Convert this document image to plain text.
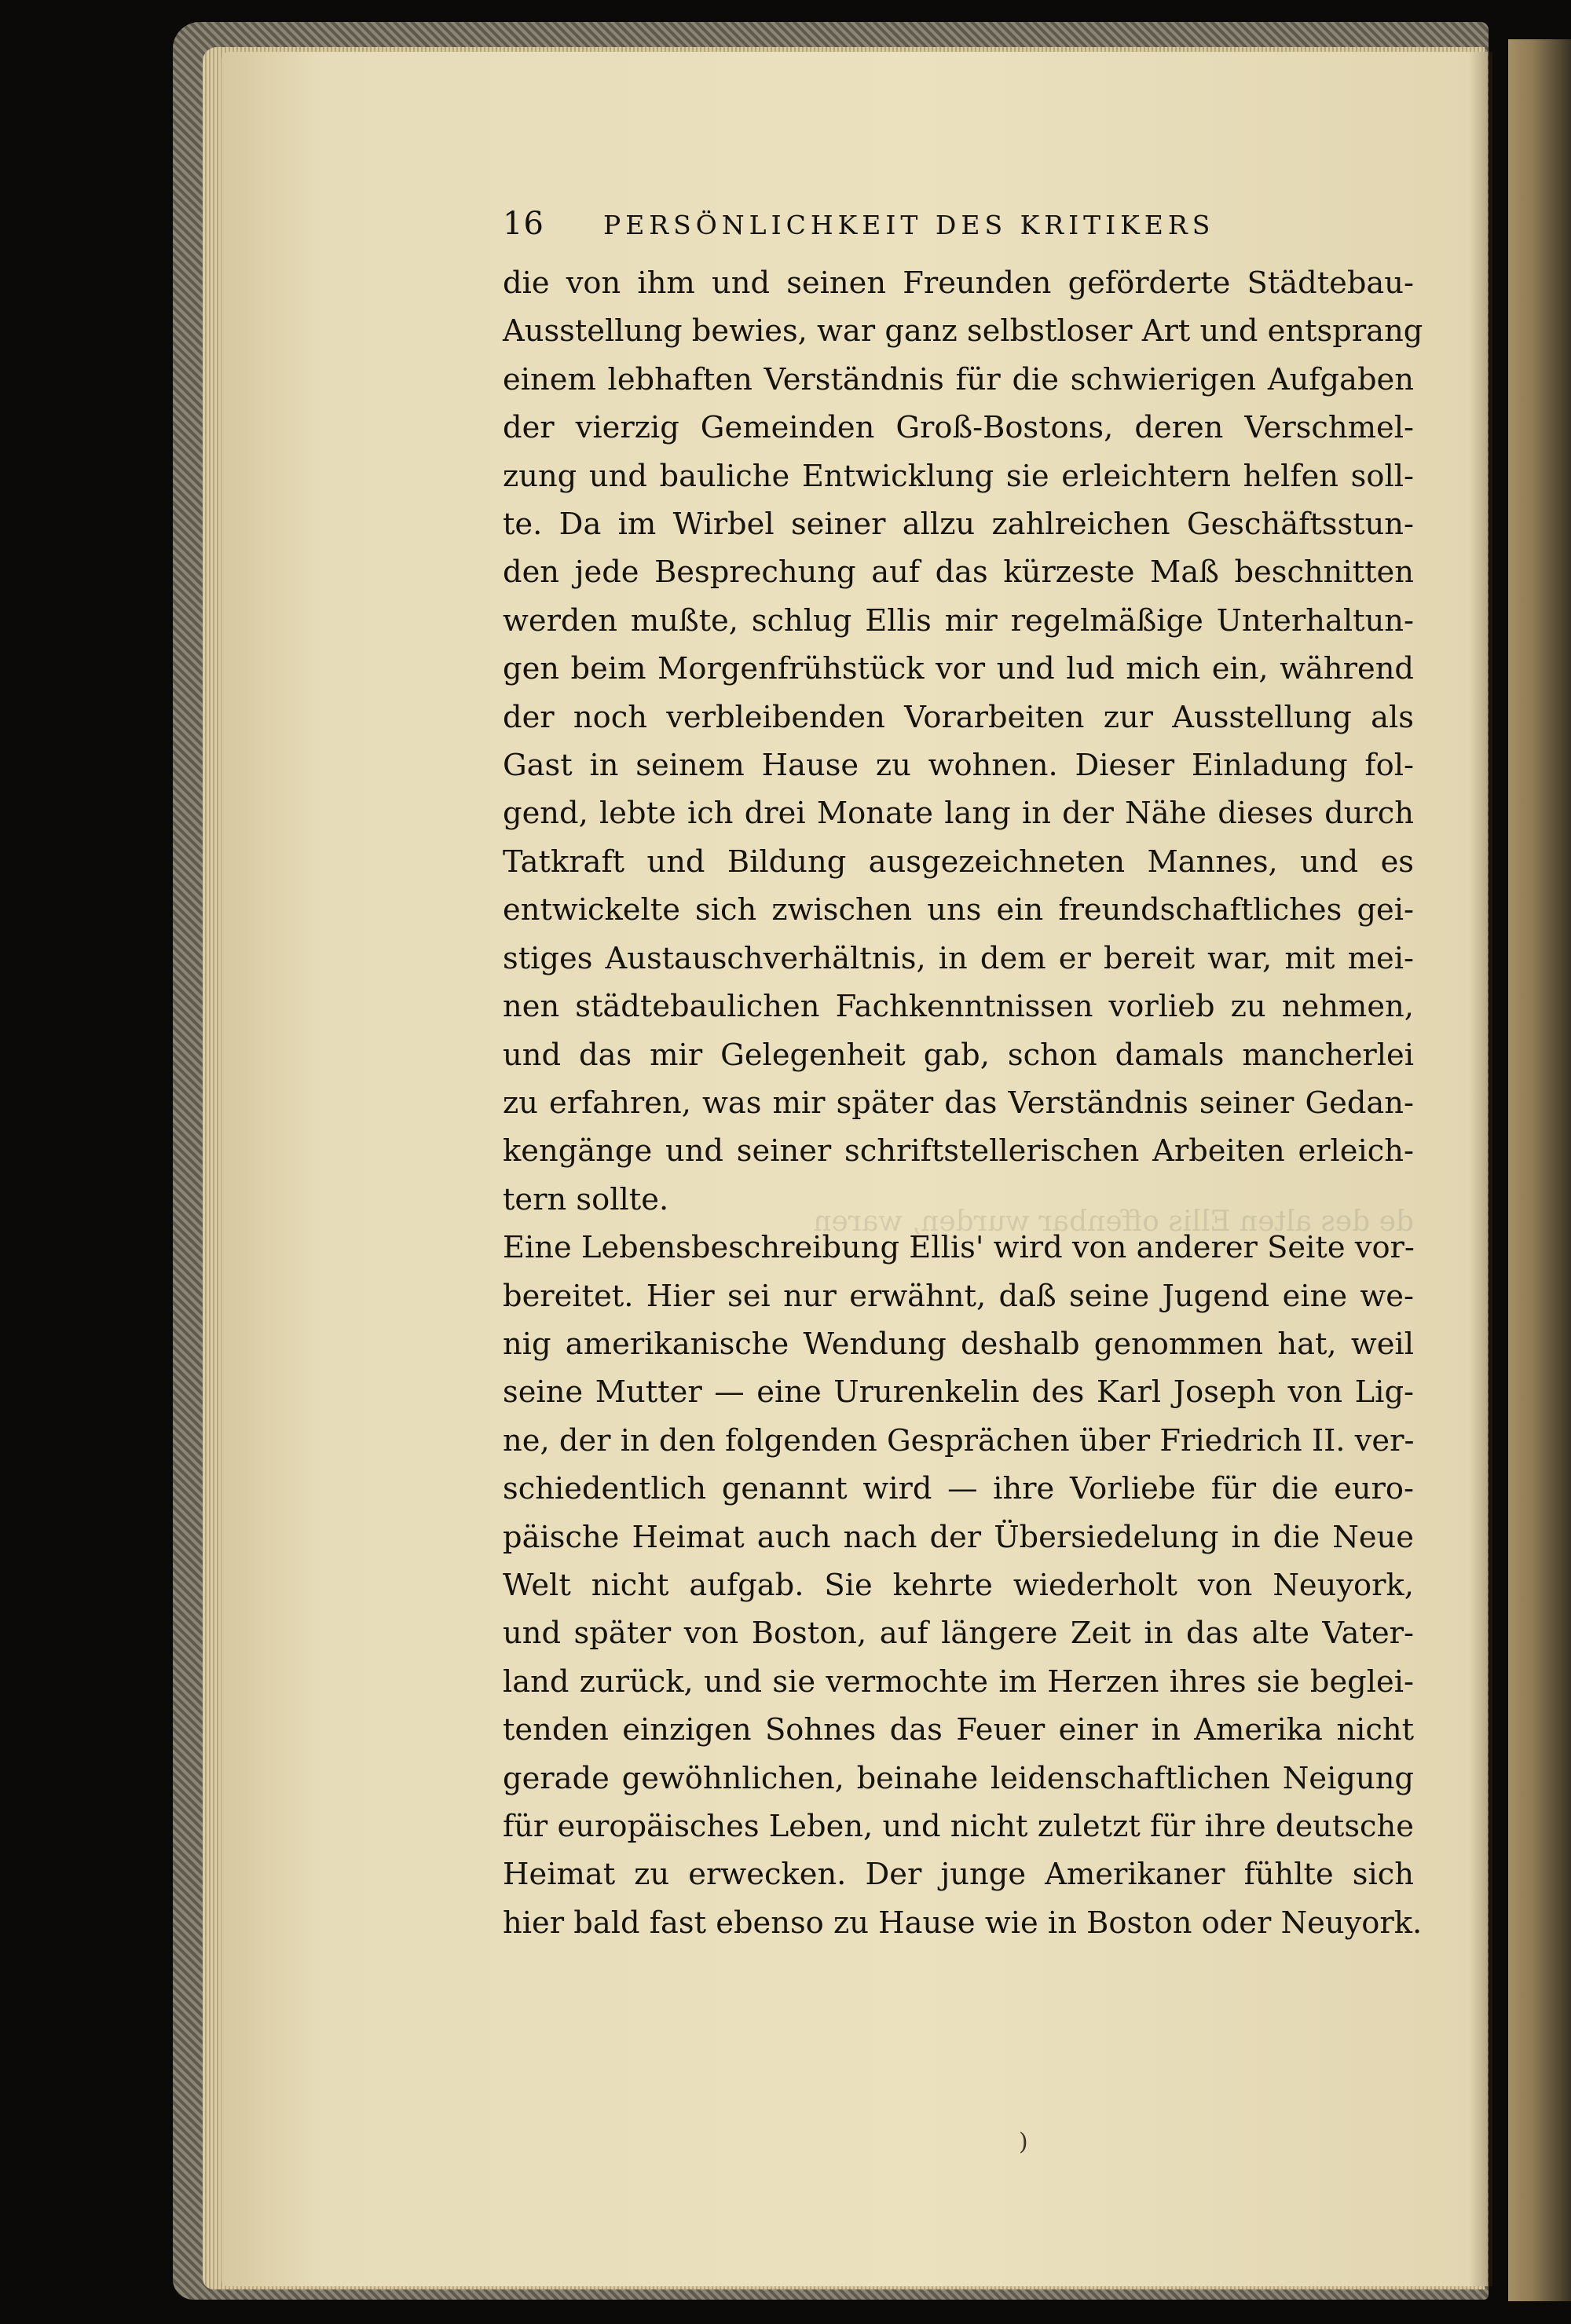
16 PERSÖNLICHKEIT DES KRITIKERS
de des alten Ellis offenbar wurden, waren
die von ihm und seinen Freunden geförderte Städtebau-
Ausstellung bewies, war ganz selbstloser Art und entsprang
einem lebhaften Verständnis für die schwierigen Aufgaben
der vierzig Gemeinden Groß-Bostons, deren Verschmel-
zung und bauliche Entwicklung sie erleichtern helfen soll-
te. Da im Wirbel seiner allzu zahlreichen Geschäftsstun-
den jede Besprechung auf das kürzeste Maß beschnitten
werden mußte, schlug Ellis mir regelmäßige Unterhaltun-
gen beim Morgenfrühstück vor und lud mich ein, während
der noch verbleibenden Vorarbeiten zur Ausstellung als
Gast in seinem Hause zu wohnen. Dieser Einladung fol-
gend, lebte ich drei Monate lang in der Nähe dieses durch
Tatkraft und Bildung ausgezeichneten Mannes, und es
entwickelte sich zwischen uns ein freundschaftliches gei-
stiges Austauschverhältnis, in dem er bereit war, mit mei-
nen städtebaulichen Fachkenntnissen vorlieb zu nehmen,
und das mir Gelegenheit gab, schon damals mancherlei
zu erfahren, was mir später das Verständnis seiner Gedan-
kengänge und seiner schriftstellerischen Arbeiten erleich-
tern sollte.
Eine Lebensbeschreibung Ellis' wird von anderer Seite vor-
bereitet. Hier sei nur erwähnt, daß seine Jugend eine we-
nig amerikanische Wendung deshalb genommen hat, weil
seine Mutter — eine Ururenkelin des Karl Joseph von Lig-
ne, der in den folgenden Gesprächen über Friedrich II. ver-
schiedentlich genannt wird — ihre Vorliebe für die euro-
päische Heimat auch nach der Übersiedelung in die Neue
Welt nicht aufgab. Sie kehrte wiederholt von Neuyork,
und später von Boston, auf längere Zeit in das alte Vater-
land zurück, und sie vermochte im Herzen ihres sie beglei-
tenden einzigen Sohnes das Feuer einer in Amerika nicht
gerade gewöhnlichen, beinahe leidenschaftlichen Neigung
für europäisches Leben, und nicht zuletzt für ihre deutsche
Heimat zu erwecken. Der junge Amerikaner fühlte sich
hier bald fast ebenso zu Hause wie in Boston oder Neuyork.
)
